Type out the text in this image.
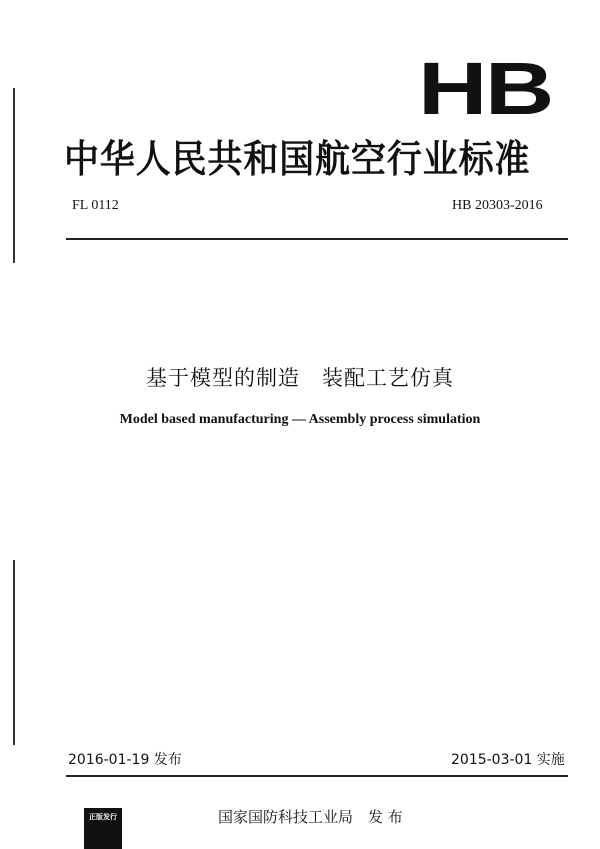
HB
中华人民共和国航空行业标准
FL 0112	HB 20303-2016
基于模型的制造　装配工艺仿真
Model based manufacturing — Assembly process simulation
2016-01-19 发布	2015-03-01 实施
正版发行	国家国防科技工业局　发 布
